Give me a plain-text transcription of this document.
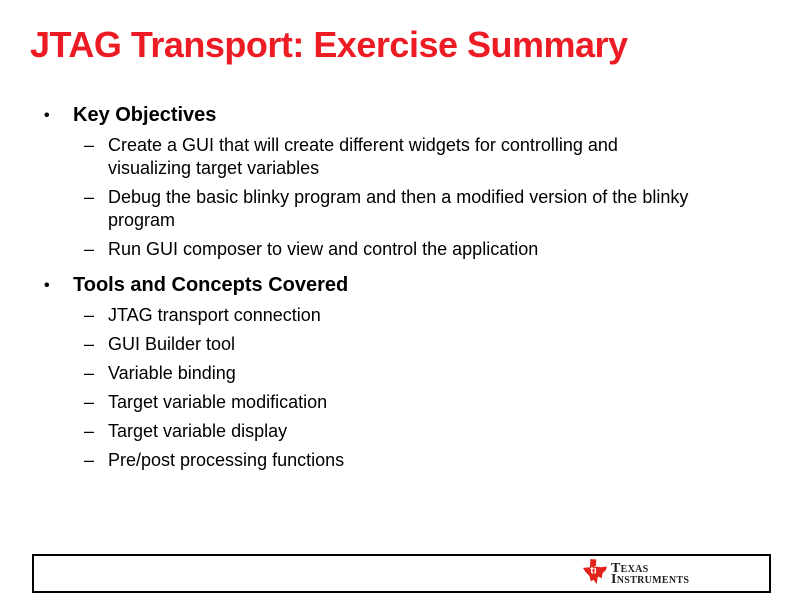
JTAG Transport: Exercise Summary
•	Key Objectives
– Create a GUI that will create different widgets for controlling and visualizing target variables
– Debug the basic blinky program and then a modified version of the blinky program
– Run GUI composer to view and control the application
•	Tools and Concepts Covered
– JTAG transport connection
– GUI Builder tool
– Variable binding
– Target variable modification
– Target variable display
– Pre/post processing functions
ti Texas
Instruments
